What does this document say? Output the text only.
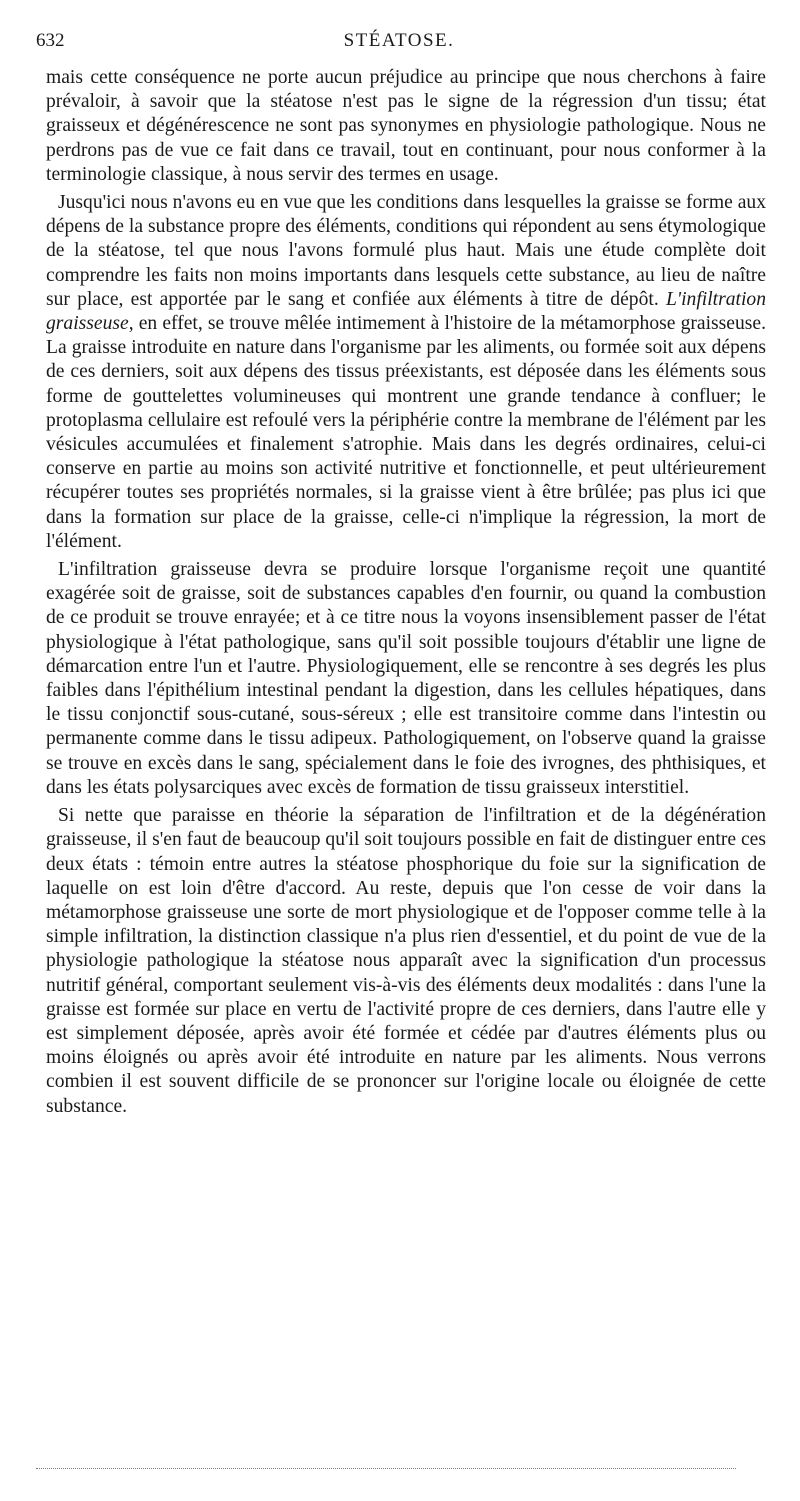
632	STÉATOSE.

mais cette conséquence ne porte aucun préjudice au principe que nous cherchons à faire prévaloir, à savoir que la stéatose n'est pas le signe de la régression d'un tissu; état graisseux et dégénérescence ne sont pas synonymes en physiologie pathologique. Nous ne perdrons pas de vue ce fait dans ce travail, tout en continuant, pour nous conformer à la terminologie classique, à nous servir des termes en usage.

Jusqu'ici nous n'avons eu en vue que les conditions dans lesquelles la graisse se forme aux dépens de la substance propre des éléments, conditions qui répondent au sens étymologique de la stéatose, tel que nous l'avons formulé plus haut. Mais une étude complète doit comprendre les faits non moins importants dans lesquels cette substance, au lieu de naître sur place, est apportée par le sang et confiée aux éléments à titre de dépôt. L'infiltration graisseuse, en effet, se trouve mêlée intimement à l'histoire de la métamorphose graisseuse. La graisse introduite en nature dans l'organisme par les aliments, ou formée soit aux dépens de ces derniers, soit aux dépens des tissus préexistants, est déposée dans les éléments sous forme de gouttelettes volumineuses qui montrent une grande tendance à confluer; le protoplasma cellulaire est refoulé vers la périphérie contre la membrane de l'élément par les vésicules accumulées et finalement s'atrophie. Mais dans les degrés ordinaires, celui-ci conserve en partie au moins son activité nutritive et fonctionnelle, et peut ultérieurement récupérer toutes ses propriétés normales, si la graisse vient à être brûlée; pas plus ici que dans la formation sur place de la graisse, celle-ci n'implique la régression, la mort de l'élément.

L'infiltration graisseuse devra se produire lorsque l'organisme reçoit une quantité exagérée soit de graisse, soit de substances capables d'en fournir, ou quand la combustion de ce produit se trouve enrayée; et à ce titre nous la voyons insensiblement passer de l'état physiologique à l'état pathologique, sans qu'il soit possible toujours d'établir une ligne de démarcation entre l'un et l'autre. Physiologiquement, elle se rencontre à ses degrés les plus faibles dans l'épithélium intestinal pendant la digestion, dans les cellules hépatiques, dans le tissu conjonctif sous-cutané, sous-séreux ; elle est transitoire comme dans l'intestin ou permanente comme dans le tissu adipeux. Pathologiquement, on l'observe quand la graisse se trouve en excès dans le sang, spécialement dans le foie des ivrognes, des phthisiques, et dans les états polysarciques avec excès de formation de tissu graisseux interstitiel.

Si nette que paraisse en théorie la séparation de l'infiltration et de la dégénération graisseuse, il s'en faut de beaucoup qu'il soit toujours possible en fait de distinguer entre ces deux états : témoin entre autres la stéatose phosphorique du foie sur la signification de laquelle on est loin d'être d'accord. Au reste, depuis que l'on cesse de voir dans la métamorphose graisseuse une sorte de mort physiologique et de l'opposer comme telle à la simple infiltration, la distinction classique n'a plus rien d'essentiel, et du point de vue de la physiologie pathologique la stéatose nous apparaît avec la signification d'un processus nutritif général, comportant seulement vis-à-vis des éléments deux modalités : dans l'une la graisse est formée sur place en vertu de l'activité propre de ces derniers, dans l'autre elle y est simplement déposée, après avoir été formée et cédée par d'autres éléments plus ou moins éloignés ou après avoir été introduite en nature par les aliments. Nous verrons combien il est souvent difficile de se prononcer sur l'origine locale ou éloignée de cette substance.
